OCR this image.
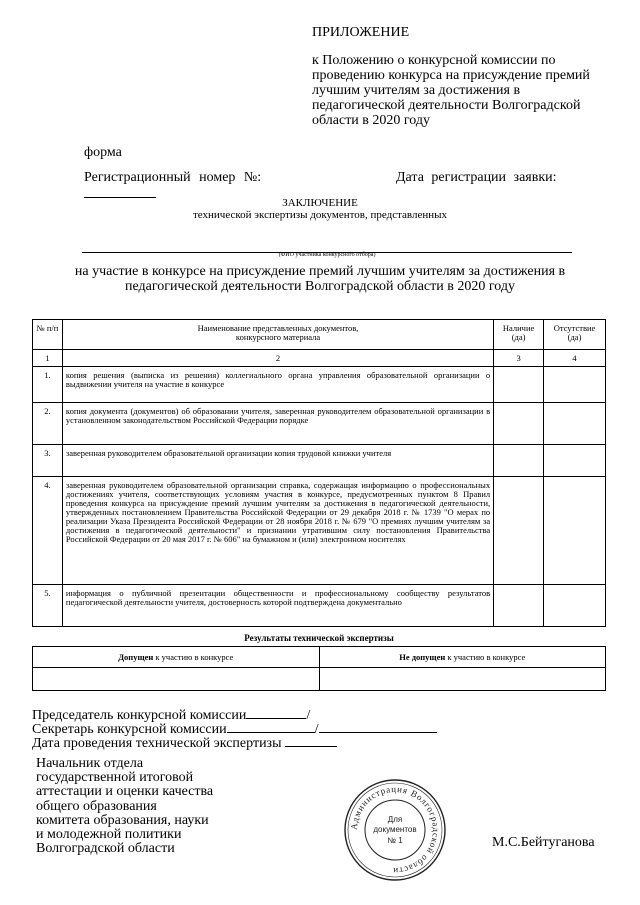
ПРИЛОЖЕНИЕ
к Положению о конкурсной комиссии по проведению конкурса на присуждение премий лучшим учителям за достижения в педагогической деятельности Волгоградской области в 2020 году
форма
Регистрационный номер №:	Дата регистрации заявки:
ЗАКЛЮЧЕНИЕ
технической экспертизы документов, представленных
(ФИО участника конкурсного отбора)
на участие в конкурсе на присуждение премий лучшим учителям за достижения в педагогической деятельности Волгоградской области в 2020 году
№ п/п	Наименование представленных документов, конкурсного материала	Наличие (да)	Отсутствие (да)
1	2	3	4
1.	копия решения (выписка из решения) коллегиального органа управления образовательной организации о выдвижении учителя на участие в конкурсе		
2.	копия документа (документов) об образовании учителя, заверенная руководителем образовательной организации в установленном законодательством Российской Федерации порядке		
3.	заверенная руководителем образовательной организации копия трудовой книжки учителя		
4.	заверенная руководителем образовательной организации справка, содержащая информацию о профессиональных достижениях учителя, соответствующих условиям участия в конкурсе, предусмотренных пунктом 8 Правил проведения конкурса на присуждение премий лучшим учителям за достижения в педагогической деятельности, утвержденных постановлением Правительства Российской Федерации от 29 декабря 2018 г. № 1739 "О мерах по реализации Указа Президента Российской Федерации от 28 ноября 2018 г. № 679 "О премиях лучшим учителям за достижения в педагогической деятельности" и признании утратившим силу постановления Правительства Российской Федерации от 20 мая 2017 г. № 606" на бумажном и (или) электронном носителях		
5.	информация о публичной презентации общественности и профессиональному сообществу результатов педагогической деятельности учителя, достоверность которой подтверждена документально		
Результаты технической экспертизы
Допущен к участию в конкурсе	Не допущен к участию в конкурсе

Председатель конкурсной комиссии	/
Секретарь конкурсной комиссии	/
Дата проведения технической экспертизы
Начальник отдела
государственной итоговой
аттестации и оценки качества
общего образования
комитета образования, науки
и молодежной политики
Волгоградской области	М.С.Бейтуганова
Администрация Волгоградской области
Для
документов
№ 1
